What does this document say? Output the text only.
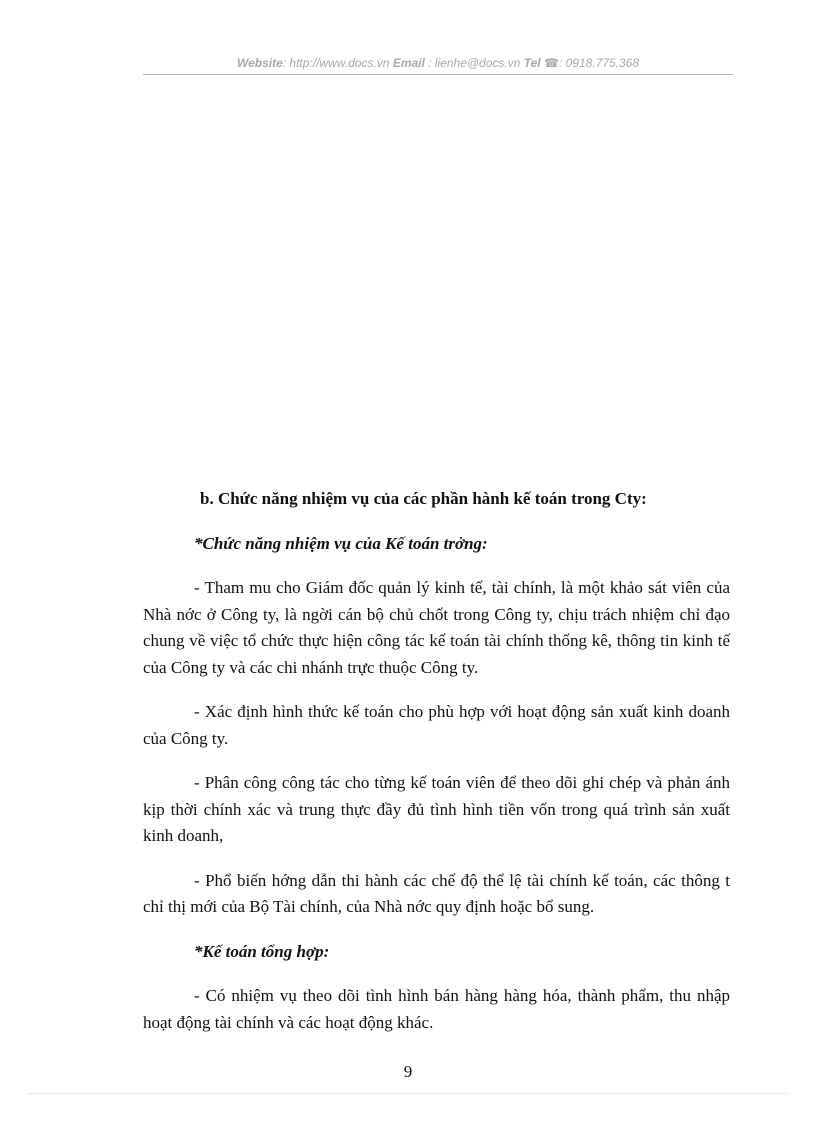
Website: http://www.docs.vn Email : lienhe@docs.vn Tel ☎: 0918.775.368

b. Chức năng nhiệm vụ của các phần hành kế toán trong Cty:

*Chức năng nhiệm vụ của Kế toán trởng:

- Tham mu cho Giám đốc quản lý kinh tế, tài chính, là một khảo sát viên của Nhà nớc ở Công ty, là ngời cán bộ chủ chốt trong Công ty, chịu trách nhiệm chỉ đạo chung về việc tổ chức thực hiện công tác kế toán tài chính thống kê, thông tin kinh tế của Công ty và các chi nhánh trực thuộc Công ty.

- Xác định hình thức kế toán cho phù hợp với hoạt động sản xuất kinh doanh của Công ty.

- Phân công công tác cho từng kế toán viên để theo dõi ghi chép và phản ánh kịp thời chính xác và trung thực đầy đủ tình hình tiền vốn trong quá trình sản xuất kinh doanh,

- Phổ biến hớng dẫn thi hành các chế độ thể lệ tài chính kế toán, các thông t chỉ thị mới của Bộ Tài chính, của Nhà nớc quy định hoặc bổ sung.

*Kế toán tổng hợp:

- Có nhiệm vụ theo dõi tình hình bán hàng hàng hóa, thành phẩm, thu nhập hoạt động tài chính và các hoạt động khác.

9
